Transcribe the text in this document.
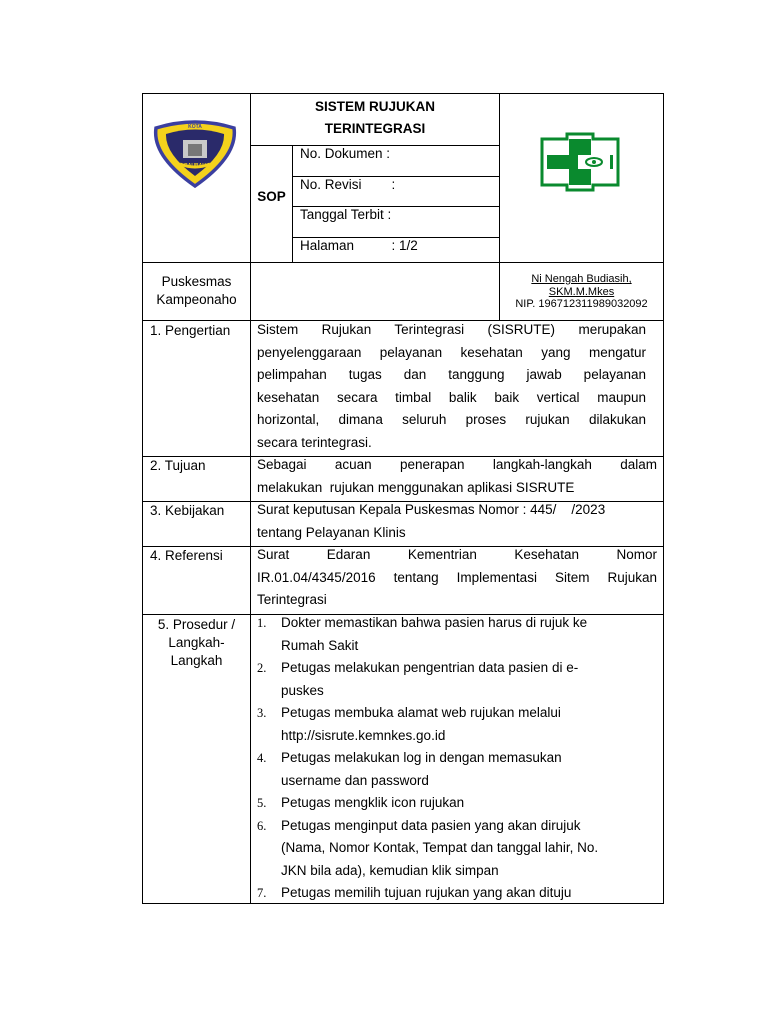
KOTA
BAUBAU
SISTEM RUJUKAN
TERINTEGRASI
SOP
No. Dokumen :
No. Revisi        :
Tanggal Terbit :
Halaman          : 1/2
Puskesmas
Kampeonaho
Ni Nengah Budiasih,
SKM.M.Mkes
NIP. 196712311989032092
1. Pengertian Sistem Rujukan Terintegrasi (SISRUTE) merupakan
penyelenggaraan pelayanan kesehatan yang mengatur
pelimpahan tugas dan tanggung jawab pelayanan
kesehatan secara timbal balik baik vertical maupun
horizontal, dimana seluruh proses rujukan dilakukan
secara terintegrasi.
2. Tujuan	Sebagai acuan penerapan langkah-langkah dalam
melakukan  rujukan menggunakan aplikasi SISRUTE
3. Kebijakan Surat keputusan Kepala Puskesmas Nomor : 445/    /2023
tentang Pelayanan Klinis
4. Referensi	Surat Edaran Kementrian Kesehatan Nomor
IR.01.04/4345/2016 tentang Implementasi Sitem Rujukan
Terintegrasi
5. Prosedur /
Langkah-
Langkah
1. Dokter memastikan bahwa pasien harus di rujuk ke
Rumah Sakit
2. Petugas melakukan pengentrian data pasien di e-
puskes
3. Petugas membuka alamat web rujukan melalui
http://sisrute.kemnkes.go.id
4. Petugas melakukan log in dengan memasukan
username dan password
5. Petugas mengklik icon rujukan
6. Petugas menginput data pasien yang akan dirujuk
(Nama, Nomor Kontak, Tempat dan tanggal lahir, No.
JKN bila ada), kemudian klik simpan
7. Petugas memilih tujuan rujukan yang akan dituju
